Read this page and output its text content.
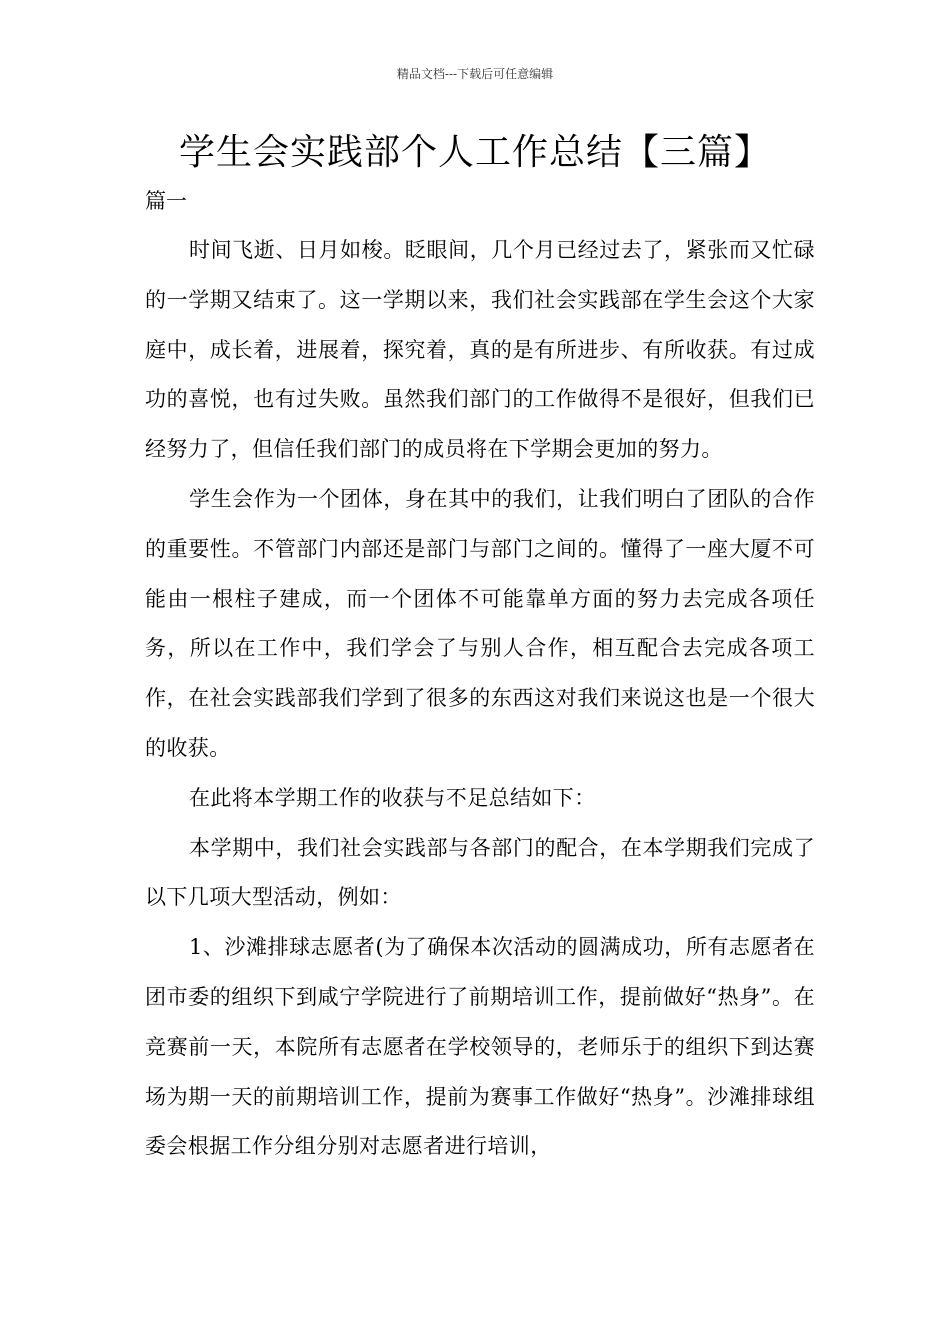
精品文档---下载后可任意编辑
学生会实践部个人工作总结【三篇】
篇一

时间飞逝、日月如梭。眨眼间，几个月已经过去了，紧张而又忙碌的一学期又结束了。这一学期以来，我们社会实践部在学生会这个大家庭中，成长着，进展着，探究着，真的是有所进步、有所收获。有过成功的喜悦，也有过失败。虽然我们部门的工作做得不是很好，但我们已经努力了，但信任我们部门的成员将在下学期会更加的努力。

学生会作为一个团体，身在其中的我们，让我们明白了团队的合作的重要性。不管部门内部还是部门与部门之间的。懂得了一座大厦不可能由一根柱子建成，而一个团体不可能靠单方面的努力去完成各项任务，所以在工作中，我们学会了与别人合作，相互配合去完成各项工作，在社会实践部我们学到了很多的东西这对我们来说这也是一个很大的收获。

在此将本学期工作的收获与不足总结如下：

本学期中，我们社会实践部与各部门的配合，在本学期我们完成了以下几项大型活动，例如：

1、沙滩排球志愿者(为了确保本次活动的圆满成功，所有志愿者在团市委的组织下到咸宁学院进行了前期培训工作，提前做好“热身”。在竞赛前一天，本院所有志愿者在学校领导的，老师乐于的组织下到达赛场为期一天的前期培训工作，提前为赛事工作做好“热身”。沙滩排球组委会根据工作分组分别对志愿者进行培训，
